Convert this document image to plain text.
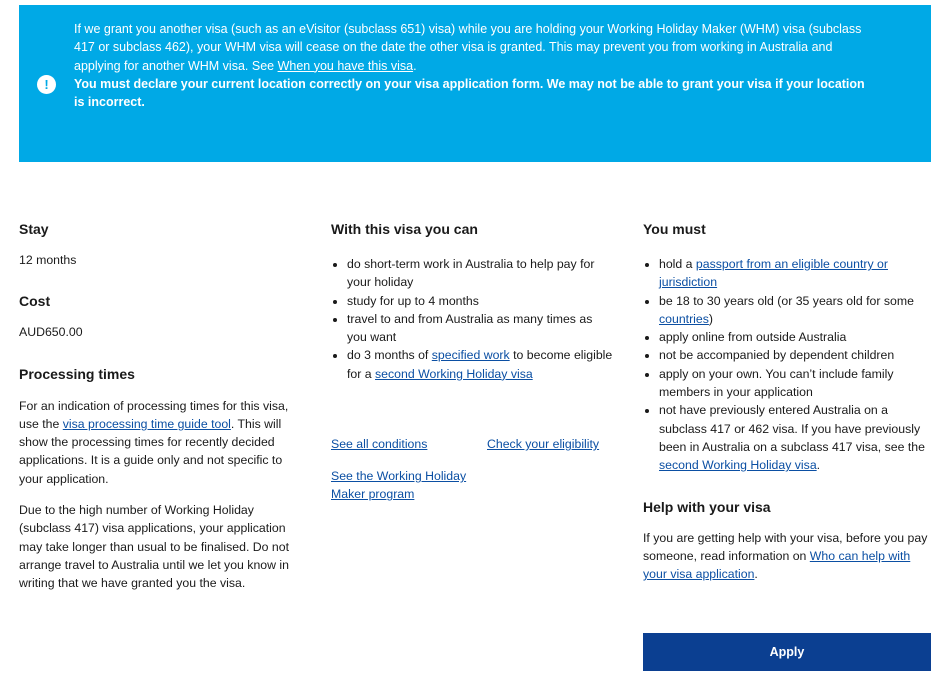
!

If we grant you another visa (such as an eVisitor (subclass 651) visa) while you are holding your Working Holiday Maker (WHM) visa (subclass 417 or subclass 462), your WHM visa will cease on the date the other visa is granted. This may prevent you from working in Australia and applying for another WHM visa. See When you have this visa.

You must declare your current location correctly on your visa application form. We may not be able to grant your visa if your location is incorrect.

Stay

12 months

Cost

AUD650.00

Processing times

For an indication of processing times for this visa, use the visa processing time guide tool. This will show the processing times for recently decided applications. It is a guide only and not specific to your application.

Due to the high number of Working Holiday (subclass 417) visa applications, your application may take longer than usual to be finalised. Do not arrange travel to Australia until we let you know in writing that we have granted you the visa.

With this visa you can
• do short-term work in Australia to help pay for your holiday
• study for up to 4 months
• travel to and from Australia as many times as you want
• do 3 months of specified work to become eligible for a second Working Holiday visa
See all conditions	Check your eligibility
See the Working Holiday Maker program
You must
• hold a passport from an eligible country or jurisdiction
• be 18 to 30 years old (or 35 years old for some countries)
• apply online from outside Australia
• not be accompanied by dependent children
• apply on your own. You can’t include family members in your application
• not have previously entered Australia on a subclass 417 or 462 visa. If you have previously been in Australia on a subclass 417 visa, see the second Working Holiday visa.
Help with your visa

If you are getting help with your visa, before you pay someone, read information on Who can help with your visa application.

Apply
